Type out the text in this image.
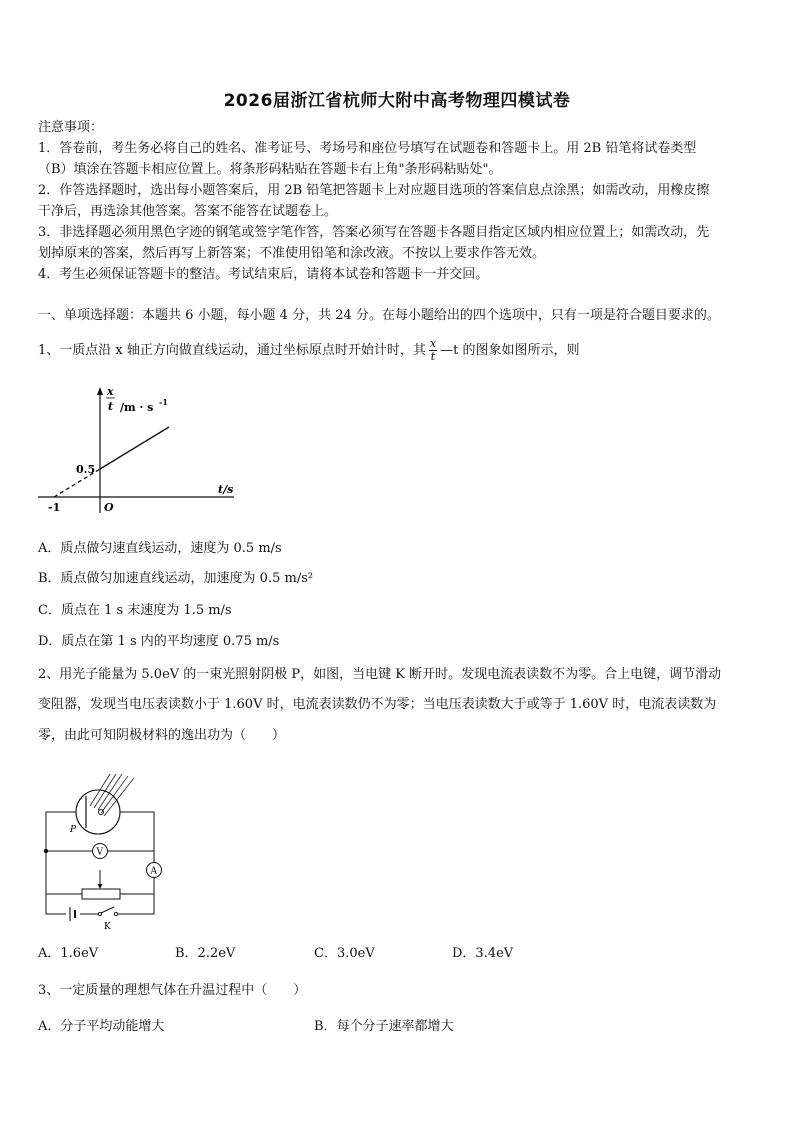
2026届浙江省杭师大附中高考物理四模试卷
注意事项：
1．答卷前，考生务必将自己的姓名、准考证号、考场号和座位号填写在试题卷和答题卡上。用 2B 铅笔将试卷类型
（B）填涂在答题卡相应位置上。将条形码粘贴在答题卡右上角"条形码粘贴处"。
2．作答选择题时，选出每小题答案后，用 2B 铅笔把答题卡上对应题目选项的答案信息点涂黑；如需改动，用橡皮擦
干净后，再选涂其他答案。答案不能答在试题卷上。
3．非选择题必须用黑色字迹的钢笔或签字笔作答，答案必须写在答题卡各题目指定区域内相应位置上；如需改动，先
划掉原来的答案，然后再写上新答案；不准使用铅笔和涂改液。不按以上要求作答无效。
4．考生必须保证答题卡的整洁。考试结束后，请将本试卷和答题卡一并交回。
一、单项选择题：本题共 6 小题，每小题 4 分，共 24 分。在每小题给出的四个选项中，只有一项是符合题目要求的。
1、一质点沿 x 轴正方向做直线运动，通过坐标原点时开始计时，其 $\frac{x}{t}$ —t 的图象如图所示，则
x
t /m · s -1
0.5
t/s
-1	O
A．质点做匀速直线运动，速度为 0.5 m/s
B．质点做匀加速直线运动，加速度为 0.5 m/s²
C．质点在 1 s 末速度为 1.5 m/s
D．质点在第 1 s 内的平均速度 0.75 m/s
2、用光子能量为 5.0eV 的一束光照射阴极 P，如图，当电键 K 断开时。发现电流表读数不为零。合上电键，调节滑动
变阻器，发现当电压表读数小于 1.60V 时，电流表读数仍不为零；当电压表读数大于或等于 1.60V 时，电流表读数为
零，由此可知阴极材料的逸出功为（　　）
P
V
A
K
A．1.6eV	B．2.2eV	C．3.0eV	D．3.4eV
3、一定质量的理想气体在升温过程中（　　）
A．分子平均动能增大	B．每个分子速率都增大
